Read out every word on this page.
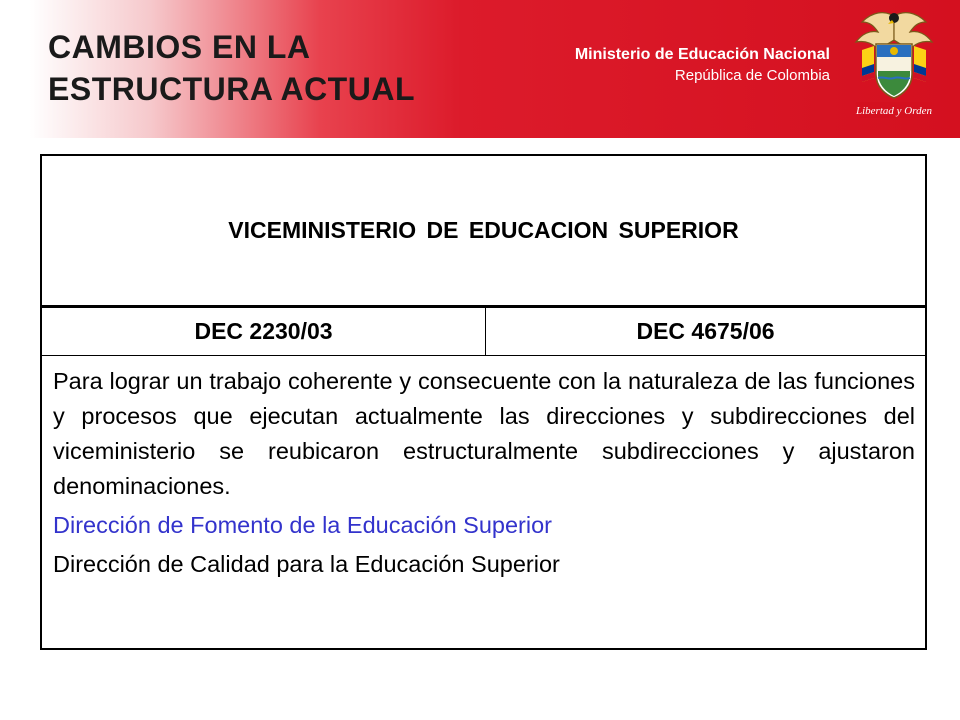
CAMBIOS EN LA
ESTRUCTURA ACTUAL
Ministerio de Educación Nacional
República de Colombia
Libertad y Orden
VICEMINISTERIO DE EDUCACION SUPERIOR
DEC 2230/03	DEC 4675/06

Para lograr un trabajo coherente y consecuente con la naturaleza de las funciones y procesos que ejecutan actualmente las direcciones y subdirecciones del viceministerio se reubicaron estructuralmente subdirecciones y ajustaron denominaciones.

Dirección de Fomento de la Educación Superior

Dirección de Calidad para la Educación Superior
